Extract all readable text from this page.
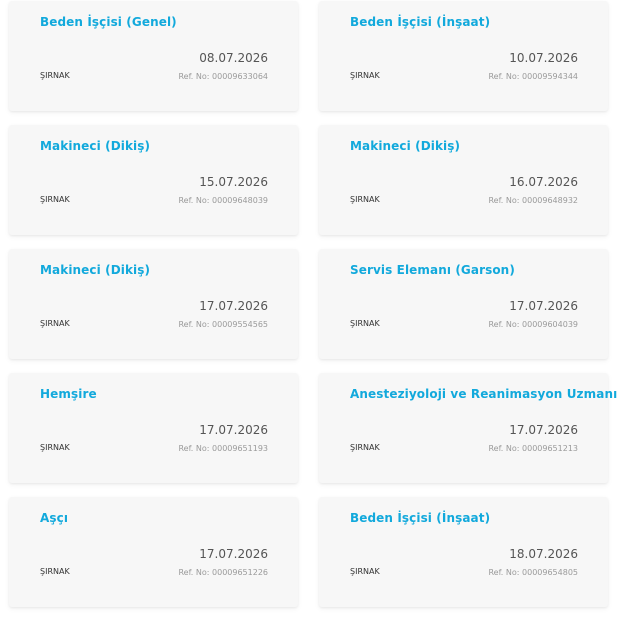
Beden İşçisi (Genel)
08.07.2026
ŞIRNAK	Ref. No: 00009633064
Beden İşçisi (İnşaat)
10.07.2026
ŞIRNAK	Ref. No: 00009594344
Makineci (Dikiş)
15.07.2026
ŞIRNAK	Ref. No: 00009648039
Makineci (Dikiş)
16.07.2026
ŞIRNAK	Ref. No: 00009648932
Makineci (Dikiş)
17.07.2026
ŞIRNAK	Ref. No: 00009554565
Servis Elemanı (Garson)
17.07.2026
ŞIRNAK	Ref. No: 00009604039
Hemşire
17.07.2026
ŞIRNAK	Ref. No: 00009651193
Anesteziyoloji ve Reanimasyon Uzmanı
17.07.2026
ŞIRNAK	Ref. No: 00009651213
Aşçı
17.07.2026
ŞIRNAK	Ref. No: 00009651226
Beden İşçisi (İnşaat)
18.07.2026
ŞIRNAK	Ref. No: 00009654805
